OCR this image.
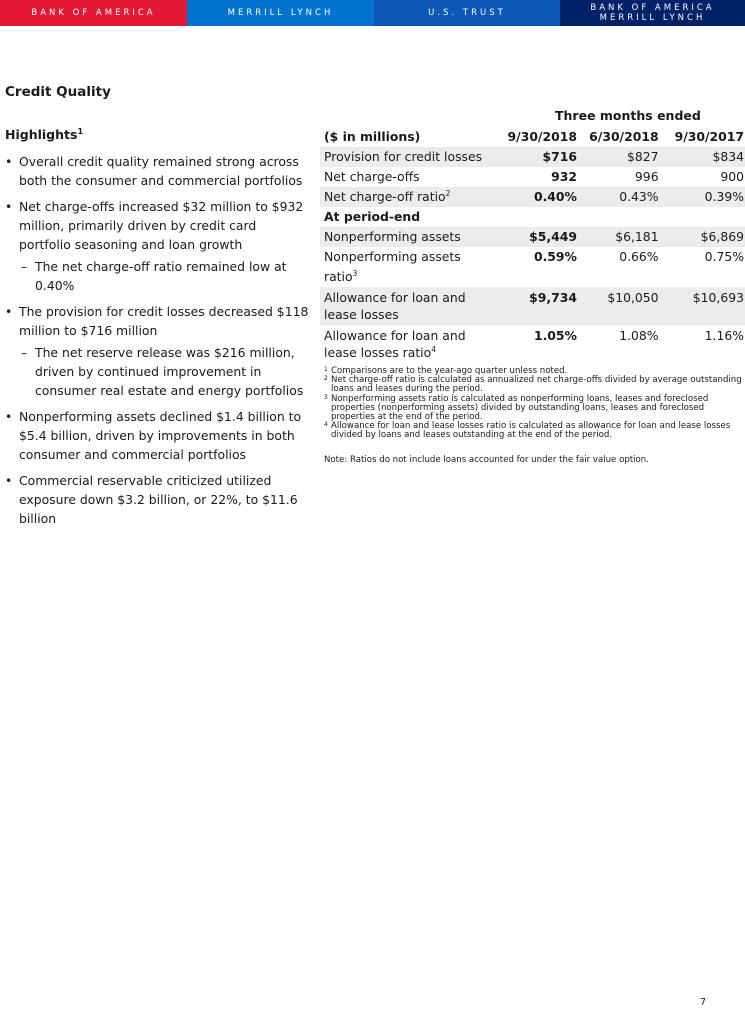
BANK OF AMERICA	MERRILL LYNCH	U.S. TRUST	BANK OF AMERICA
MERRILL LYNCH
Credit Quality
Highlights$^1$
• Overall credit quality remained strong across both the consumer and commercial portfolios
• Net charge-offs increased $32 million to $932 million, primarily driven by credit card portfolio seasoning and loan growth
– The net charge-off ratio remained low at 0.40%
• The provision for credit losses decreased $118 million to $716 million
– The net reserve release was $216 million, driven by continued improvement in consumer real estate and energy portfolios
• Nonperforming assets declined $1.4 billion to $5.4 billion, driven by improvements in both consumer and commercial portfolios
• Commercial reservable criticized utilized exposure down $3.2 billion, or 22%, to $11.6 billion
Three months ended
($ in millions)	9/30/2018	6/30/2018	9/30/2017
Provision for credit losses	$716	$827	$834
Net charge-offs	932	996	900
Net charge-off ratio$^2$	0.40%	0.43%	0.39%
At period-end			
Nonperforming assets	$5,449	$6,181	$6,869
Nonperforming assets ratio$^3$	0.59%	0.66%	0.75%
Allowance for loan and lease losses	$9,734	$10,050	$10,693
Allowance for loan and lease losses ratio$^4$	1.05%	1.08%	1.16%
1 Comparisons are to the year-ago quarter unless noted.
2 Net charge-off ratio is calculated as annualized net charge-offs divided by average outstanding loans and leases during the period.
3 Nonperforming assets ratio is calculated as nonperforming loans, leases and foreclosed properties (nonperforming assets) divided by outstanding loans, leases and foreclosed properties at the end of the period.
4 Allowance for loan and lease losses ratio is calculated as allowance for loan and lease losses divided by loans and leases outstanding at the end of the period.
Note: Ratios do not include loans accounted for under the fair value option.
7
